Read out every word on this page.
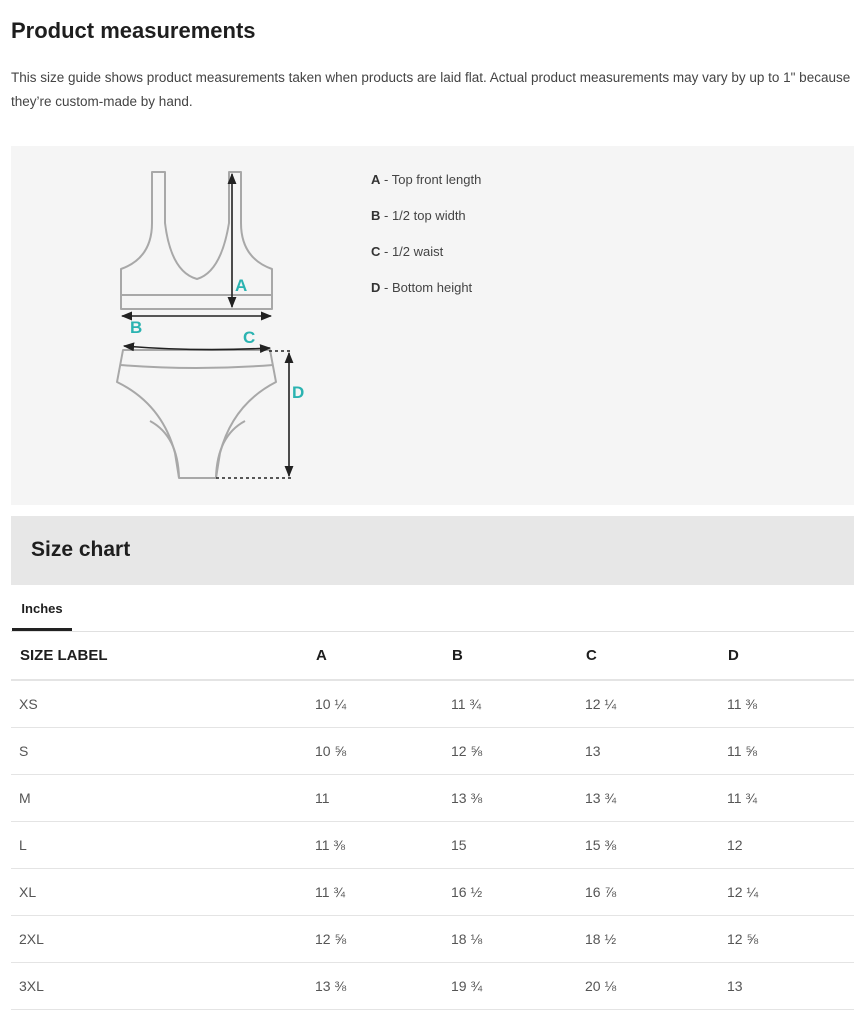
Product measurements

This size guide shows product measurements taken when products are laid flat. Actual product measurements may vary by up to 1" because they’re custom-made by hand.

A
B
C
D
A - Top front length
B - 1/2 top width
C - 1/2 waist
D - Bottom height
Size chart
Inches
SIZE LABEL	A	B	C	D
XS	10 ¼	11 ¾	12 ¼	11 ⅜
S	10 ⅝	12 ⅝	13	11 ⅝
M	11	13 ⅜	13 ¾	11 ¾
L	11 ⅜	15	15 ⅜	12
XL	11 ¾	16 ½	16 ⅞	12 ¼
2XL	12 ⅝	18 ⅛	18 ½	12 ⅝
3XL	13 ⅜	19 ¾	20 ⅛	13
